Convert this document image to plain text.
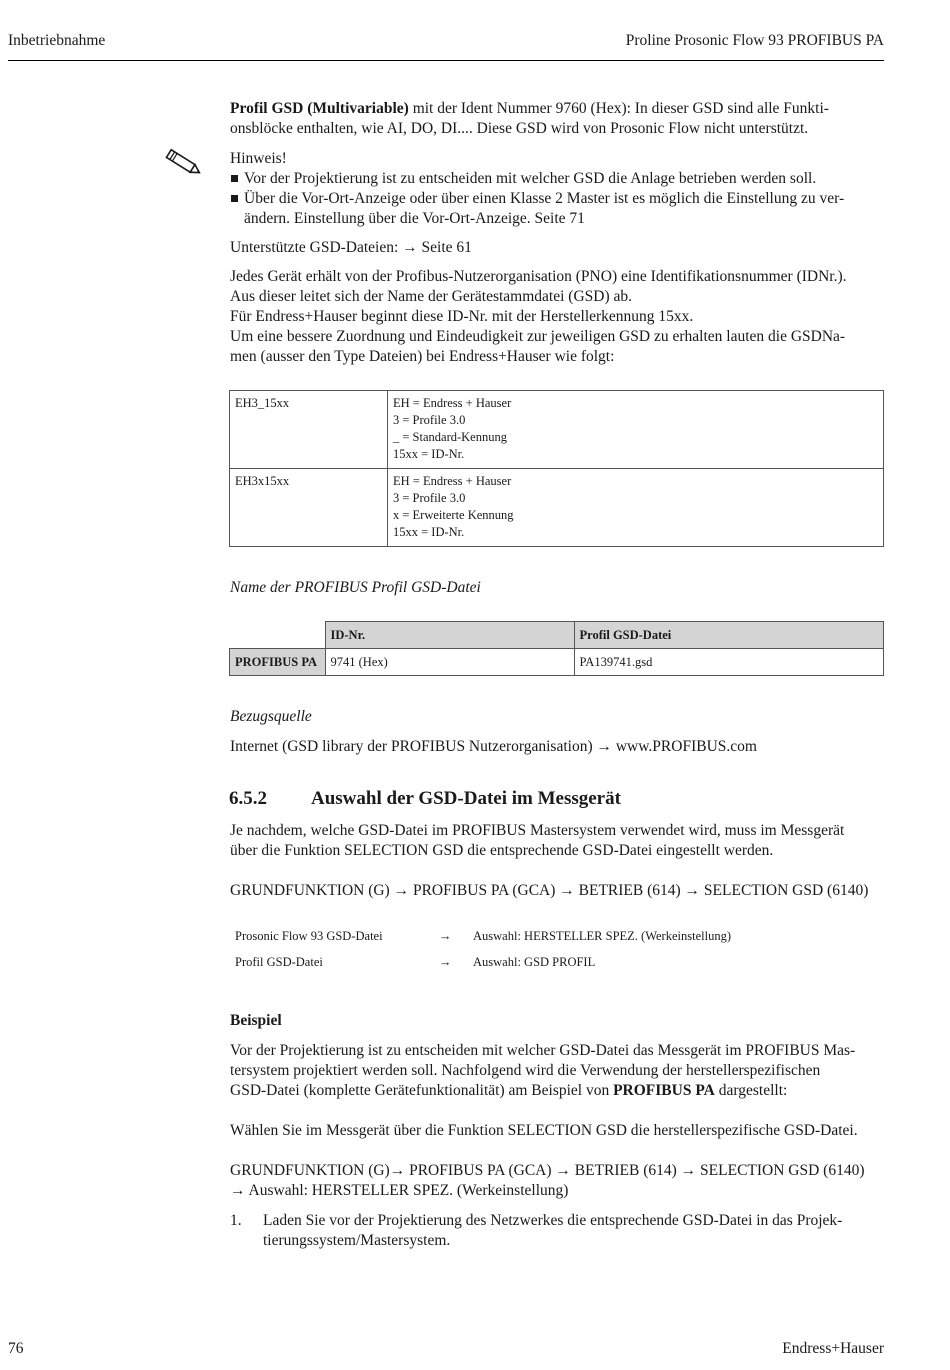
Inbetriebnahme	Proline Prosonic Flow 93 PROFIBUS PA
Profil GSD (Multivariable) mit der Ident Nummer 9760 (Hex): In dieser GSD sind alle Funkti-
onsblöcke enthalten, wie AI, DO, DI.... Diese GSD wird von Prosonic Flow nicht unterstützt.
Hinweis!
Vor der Projektierung ist zu entscheiden mit welcher GSD die Anlage betrieben werden soll.
Über die Vor-Ort-Anzeige oder über einen Klasse 2 Master ist es möglich die Einstellung zu ver-
ändern. Einstellung über die Vor-Ort-Anzeige. Seite 71
Unterstützte GSD-Dateien: → Seite 61
Jedes Gerät erhält von der Profibus-Nutzerorganisation (PNO) eine Identifikationsnummer (IDNr.).
Aus dieser leitet sich der Name der Gerätestammdatei (GSD) ab.
Für Endress+Hauser beginnt diese ID-Nr. mit der Herstellerkennung 15xx.
Um eine bessere Zuordnung und Eindeudigkeit zur jeweiligen GSD zu erhalten lauten die GSDNa-
men (ausser den Type Dateien) bei Endress+Hauser wie folgt:
EH3_15xx	EH = Endress + Hauser
3 = Profile 3.0
_ = Standard-Kennung
15xx = ID-Nr.

EH3x15xx	EH = Endress + Hauser
3 = Profile 3.0
x = Erweiterte Kennung
15xx = ID-Nr.
Name der PROFIBUS Profil GSD-Datei
	ID-Nr.	Profil GSD-Datei
PROFIBUS PA	9741 (Hex)	PA139741.gsd
Bezugsquelle
Internet (GSD library der PROFIBUS Nutzerorganisation) → www.PROFIBUS.com
6.5.2 Auswahl der GSD-Datei im Messgerät
Je nachdem, welche GSD-Datei im PROFIBUS Mastersystem verwendet wird, muss im Messgerät
über die Funktion SELECTION GSD die entsprechende GSD-Datei eingestellt werden.
GRUNDFUNKTION (G) → PROFIBUS PA (GCA) → BETRIEB (614) → SELECTION GSD (6140)
Prosonic Flow 93 GSD-Datei	→ Auswahl: HERSTELLER SPEZ. (Werkeinstellung)
Profil GSD-Datei	→ Auswahl: GSD PROFIL
Beispiel
Vor der Projektierung ist zu entscheiden mit welcher GSD-Datei das Messgerät im PROFIBUS Mas-
tersystem projektiert werden soll. Nachfolgend wird die Verwendung der herstellerspezifischen
GSD-Datei (komplette Gerätefunktionalität) am Beispiel von PROFIBUS PA dargestellt:
Wählen Sie im Messgerät über die Funktion SELECTION GSD die herstellerspezifische GSD-Datei.
GRUNDFUNKTION (G)→ PROFIBUS PA (GCA) → BETRIEB (614) → SELECTION GSD (6140)
→ Auswahl: HERSTELLER SPEZ. (Werkeinstellung)
1. Laden Sie vor der Projektierung des Netzwerkes die entsprechende GSD-Datei in das Projek-
tierungssystem/Mastersystem.
76	Endress+Hauser
